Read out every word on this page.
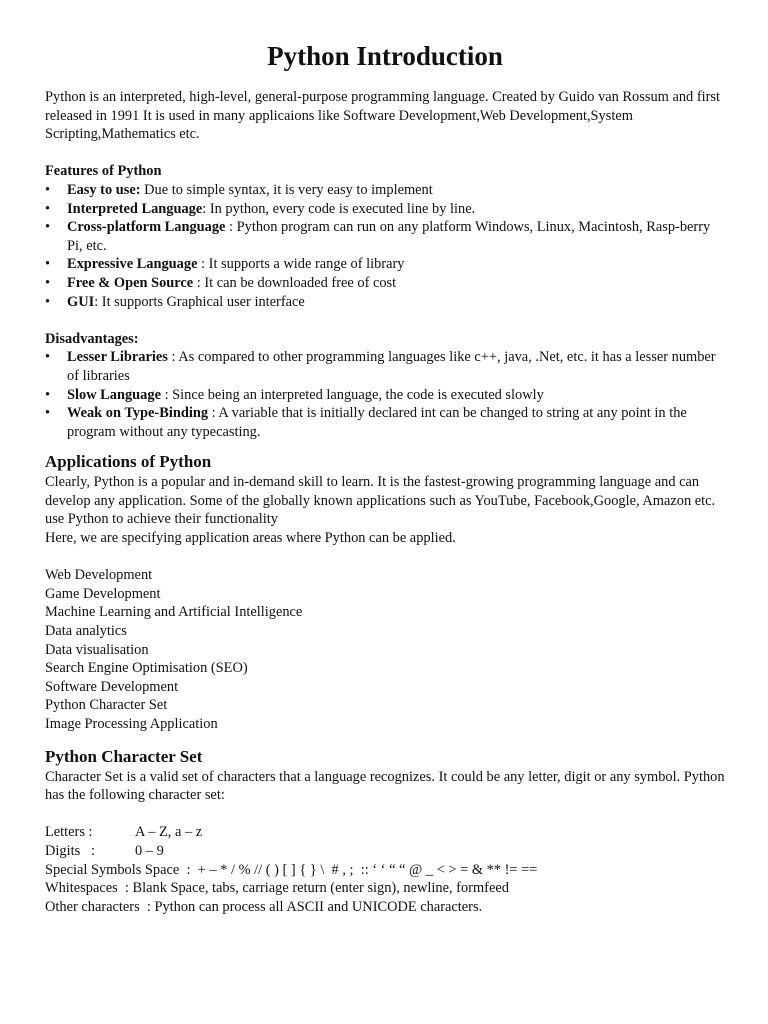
Python Introduction

Python is an interpreted, high-level, general-purpose programming language. Created by Guido van Rossum and first released in 1991 It is used in many applicaions like Software Development,Web Development,System Scripting,Mathematics etc.

Features of Python

• Easy to use: Due to simple syntax, it is very easy to implement
• Interpreted Language: In python, every code is executed line by line.
• Cross-platform Language : Python program can run on any platform Windows, Linux, Macintosh, Rasp-berry Pi, etc.
• Expressive Language : It supports a wide range of library
• Free & Open Source : It can be downloaded free of cost
• GUI: It supports Graphical user interface

Disadvantages:

• Lesser Libraries : As compared to other programming languages like c++, java, .Net, etc. it has a lesser number of libraries
• Slow Language : Since being an interpreted language, the code is executed slowly
• Weak on Type-Binding : A variable that is initially declared int can be changed to string at any point in the program without any typecasting.
Applications of Python

Clearly, Python is a popular and in-demand skill to learn. It is the fastest-growing programming language and can develop any application. Some of the globally known applications such as YouTube, Facebook,Google, Amazon etc. use Python to achieve their functionality

Here, we are specifying application areas where Python can be applied.

Web Development
Game Development
Machine Learning and Artificial Intelligence
Data analytics
Data visualisation
Search Engine Optimisation (SEO)
Software Development
Python Character Set
Image Processing Application
Python Character Set

Character Set is a valid set of characters that a language recognizes. It could be any letter, digit or any symbol. Python has the following character set:

Letters :	A – Z, a – z
Digits   :	0 – 9
Special Symbols Space  :  + – * / % // ( ) [ ] { } \  # , ;  :: ‘ ‘ “ “ @ _ < > = & ** != ==
Whitespaces  : Blank Space, tabs, carriage return (enter sign), newline, formfeed
Other characters  : Python can process all ASCII and UNICODE characters.
